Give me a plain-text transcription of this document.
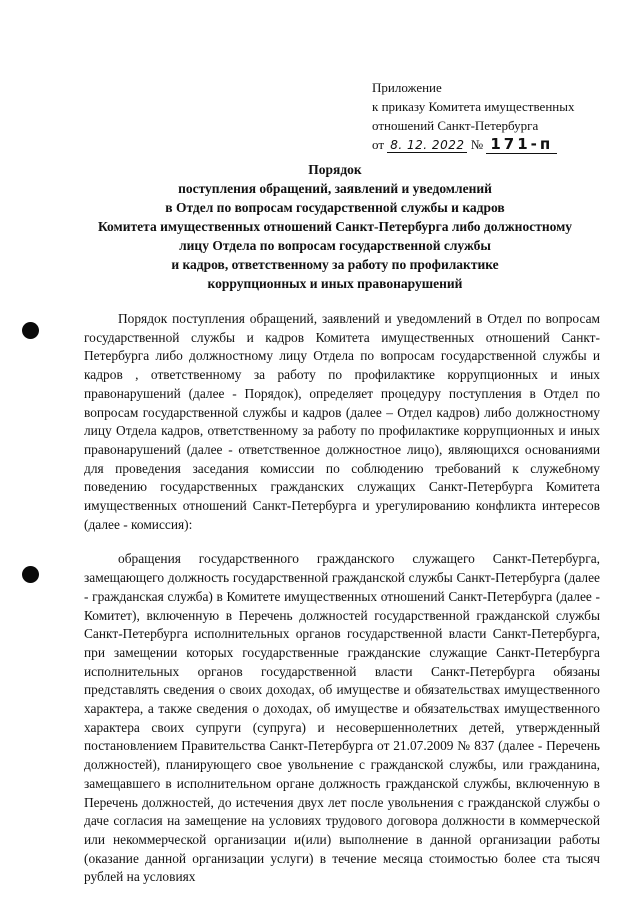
Приложение
к приказу Комитета имущественных
отношений Санкт-Петербурга
от 8. 12. 2022 № 171-п
Порядок
поступления обращений, заявлений и уведомлений
в Отдел по вопросам государственной службы и кадров
Комитета имущественных отношений Санкт-Петербурга либо должностному
лицу Отдела по вопросам государственной службы
и кадров, ответственному за работу по профилактике
коррупционных и иных правонарушений

Порядок поступления обращений, заявлений и уведомлений в Отдел по вопросам государственной службы и кадров Комитета имущественных отношений Санкт-Петербурга либо должностному лицу Отдела по вопросам государственной службы и кадров , ответственному за работу по профилактике коррупционных и иных правонарушений (далее - Порядок), определяет процедуру поступления в Отдел по вопросам государственной службы и кадров (далее – Отдел кадров) либо должностному лицу Отдела кадров, ответственному за работу по профилактике коррупционных и иных правонарушений (далее - ответственное должностное лицо), являющихся основаниями для проведения заседания комиссии по соблюдению требований к служебному поведению государственных гражданских служащих Санкт-Петербурга Комитета имущественных отношений Санкт-Петербурга и урегулированию конфликта интересов (далее - комиссия):

обращения государственного гражданского служащего Санкт-Петербурга, замещающего должность государственной гражданской службы Санкт-Петербурга (далее - гражданская служба) в Комитете имущественных отношений Санкт-Петербурга (далее - Комитет), включенную в Перечень должностей государственной гражданской службы Санкт-Петербурга исполнительных органов государственной власти Санкт-Петербурга, при замещении которых государственные гражданские служащие Санкт-Петербурга исполнительных органов государственной власти Санкт-Петербурга обязаны представлять сведения о своих доходах, об имуществе и обязательствах имущественного характера, а также сведения о доходах, об имуществе и обязательствах имущественного характера своих супруги (супруга) и несовершеннолетних детей, утвержденный постановлением Правительства Санкт-Петербурга от 21.07.2009 № 837 (далее - Перечень должностей), планирующего свое увольнение с гражданской службы, или гражданина, замещавшего в исполнительном органе должность гражданской службы, включенную в Перечень должностей, до истечения двух лет после увольнения с гражданской службы о даче согласия на замещение на условиях трудового договора должности в коммерческой или некоммерческой организации и(или) выполнение в данной организации работы (оказание данной организации услуги) в течение месяца стоимостью более ста тысяч рублей на условиях
